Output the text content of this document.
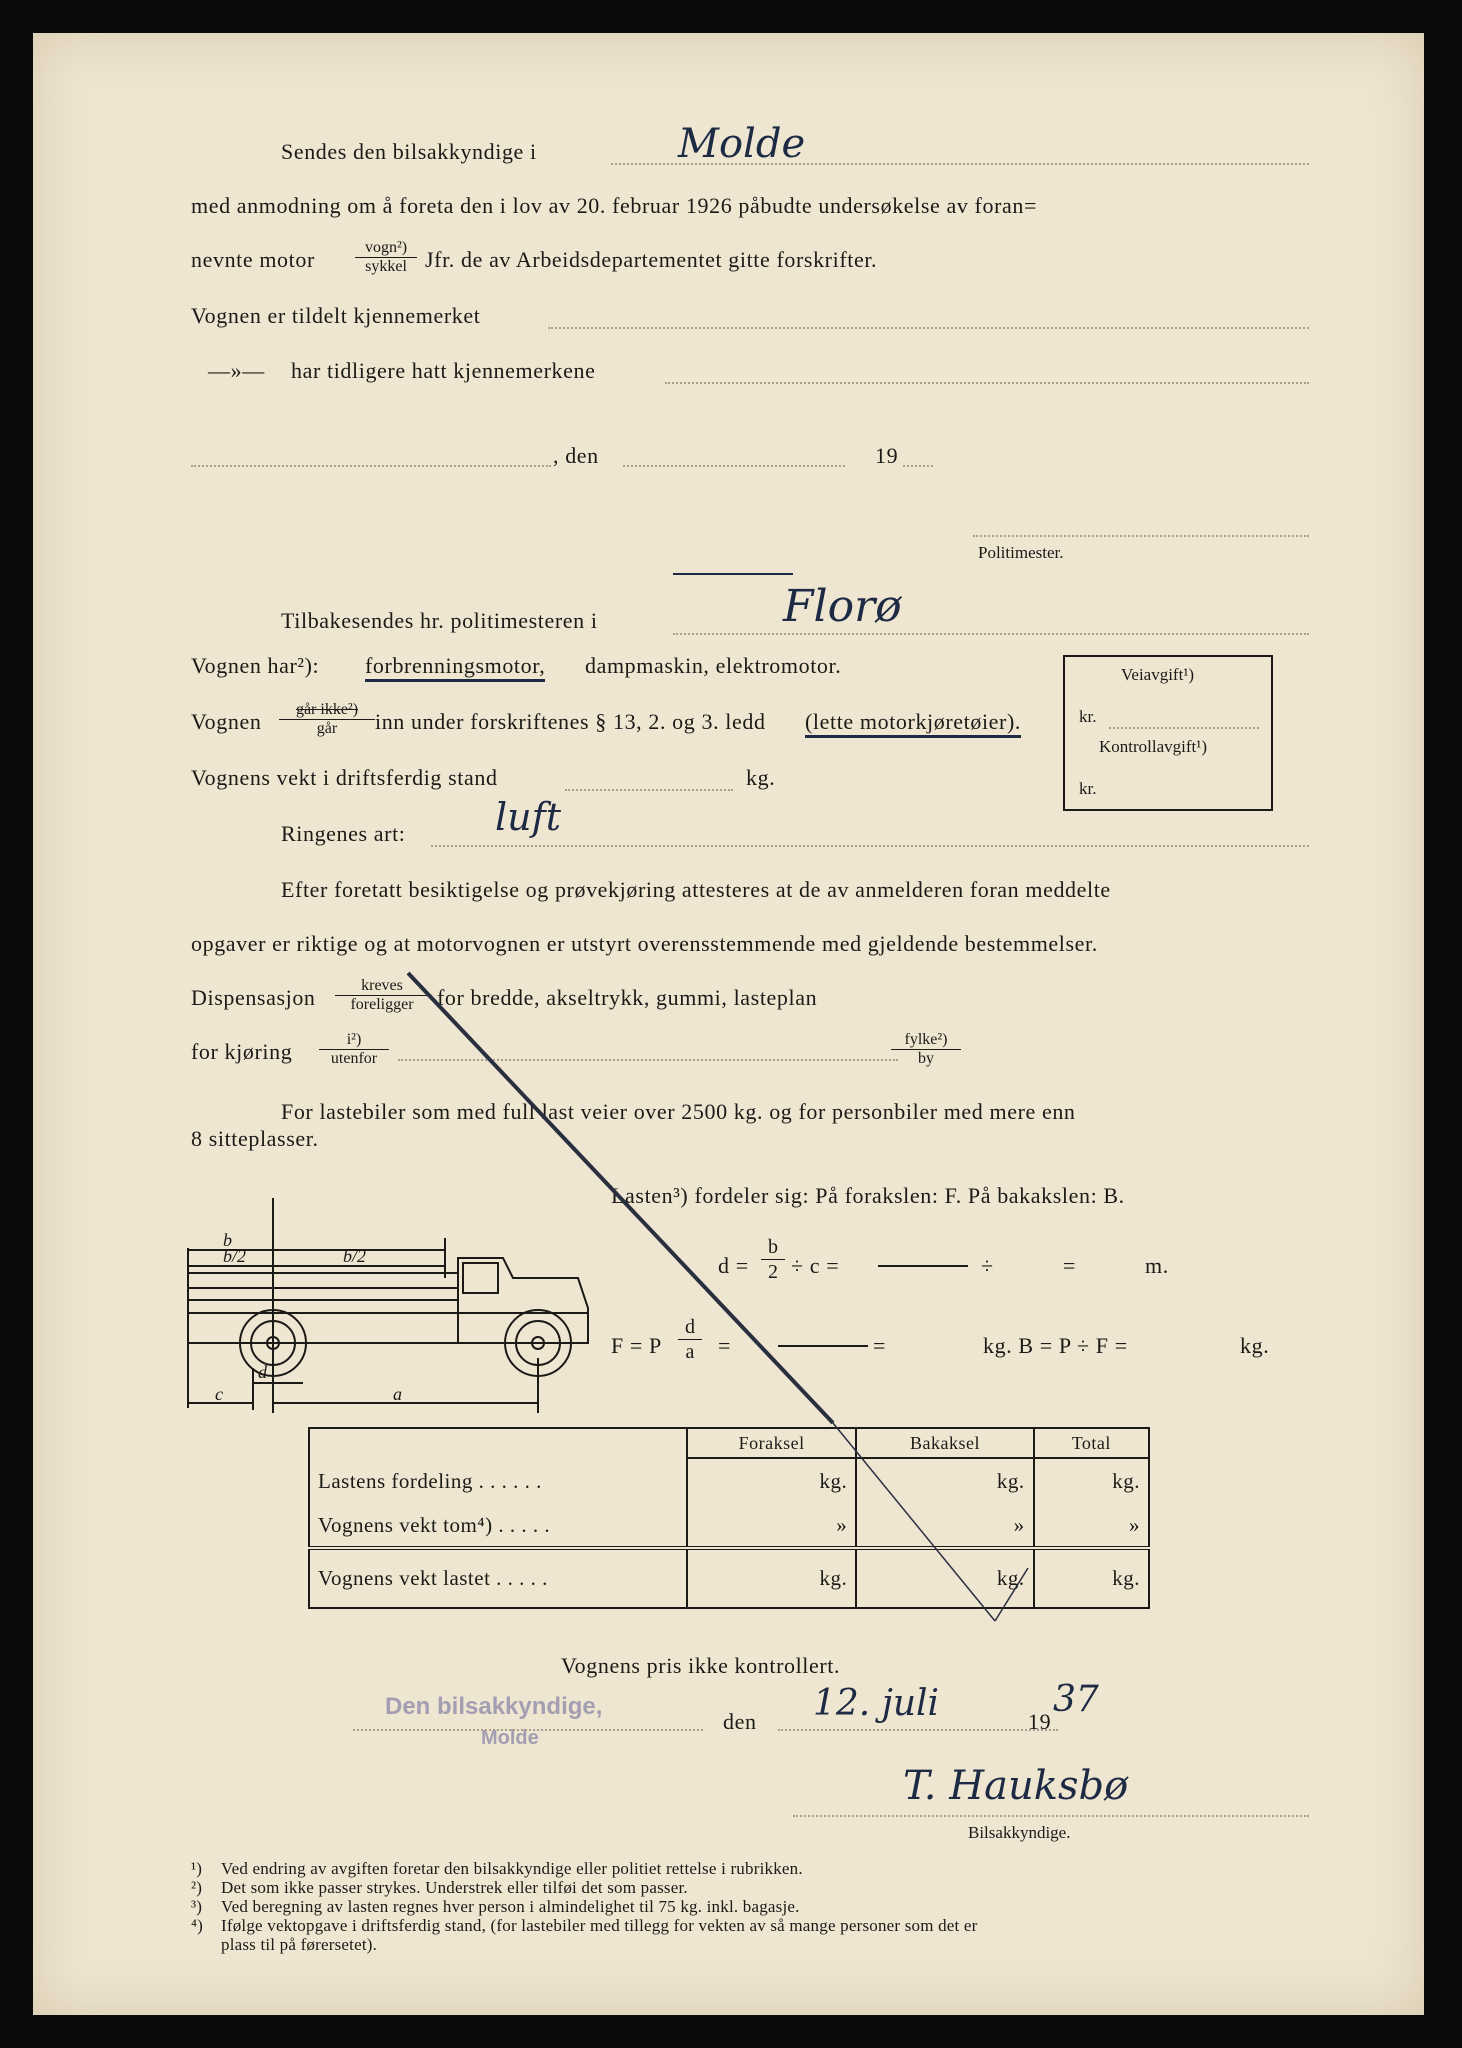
Sendes den bilsakkyndige i	Molde
med anmodning om å foreta den i lov av 20. februar 1926 påbudte undersøkelse av foran=
nevnte motor	vogn²)
sykkel Jfr. de av Arbeidsdepartementet gitte forskrifter.
Vognen er tildelt kjennemerket
—»— har tidligere hatt kjennemerkene
, den	19
Politimester.
Tilbakesendes hr. politimesteren i	Florø
Vognen har²): forbrenningsmotor, dampmaskin, elektromotor.
Vognen	går ikke²)
går	inn under forskriftenes § 13, 2. og 3. ledd (lette motorkjøretøier).
Veiavgift¹)
kr.
Kontrollavgift¹)
kr.
Vognens vekt i driftsferdig stand	kg.
Ringenes art: luft
Efter foretatt besiktigelse og prøvekjøring attesteres at de av anmelderen foran meddelte
opgaver er riktige og at motorvognen er utstyrt overensstemmende med gjeldende bestemmelser.
Dispensasjon	kreves
foreligger	for bredde, akseltrykk, gummi, lasteplan
for kjøring	i²)
utenfor
fylke²)
by
For lastebiler som med full last veier over 2500 kg. og for personbiler med mere enn
8 sitteplasser.
b
b/2	b/2
c
d
a
Lasten³) fordeler sig: På forakslen: F. På bakakslen: B.
$d = \frac{b}{2} \div c$ =	÷	=	m.
F = P $\frac{d}{a}$ =	=	kg. B = P ÷ F =	kg.
	Foraksel	Bakaksel	Total
Lastens fordeling . . . . . .	kg.	kg.	kg.
Vognens vekt tom⁴) . . . . .	»	»	»
Vognens vekt lastet . . . . .	kg.	kg.	kg.
Vognens pris ikke kontrollert.
Den bilsakkyndige,
Molde
den 12. juli	19
37
T. Hauksbø
Bilsakkyndige.
¹)	Ved endring av avgiften foretar den bilsakkyndige eller politiet rettelse i rubrikken.
²)	Det som ikke passer strykes. Understrek eller tilføi det som passer.
³)	Ved beregning av lasten regnes hver person i almindelighet til 75 kg. inkl. bagasje.
⁴)	Ifølge vektopgave i driftsferdig stand, (for lastebiler med tillegg for vekten av så mange personer som det er
plass til på førersetet).
